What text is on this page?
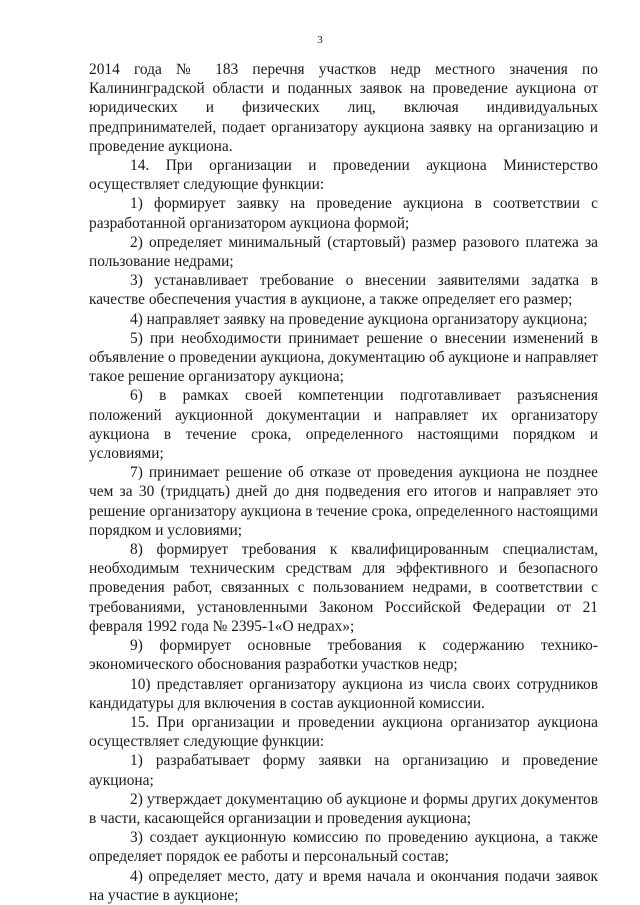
3

2014 года № 183 перечня участков недр местного значения по Калининградской области и поданных заявок на проведение аукциона от юридических и физических лиц, включая индивидуальных предпринимателей, подает организатору аукциона заявку на организацию и проведение аукциона.

14. При организации и проведении аукциона Министерство осуществляет следующие функции:

1) формирует заявку на проведение аукциона в соответствии с разработанной организатором аукциона формой;

2) определяет минимальный (стартовый) размер разового платежа за пользование недрами;

3) устанавливает требование о внесении заявителями задатка в качестве обеспечения участия в аукционе, а также определяет его размер;

4) направляет заявку на проведение аукциона организатору аукциона;

5) при необходимости принимает решение о внесении изменений в объявление о проведении аукциона, документацию об аукционе и направляет такое решение организатору аукциона;

6) в рамках своей компетенции подготавливает разъяснения положений аукционной документации и направляет их организатору аукциона в течение срока, определенного настоящими порядком и условиями;

7) принимает решение об отказе от проведения аукциона не позднее чем за 30 (тридцать) дней до дня подведения его итогов и направляет это решение организатору аукциона в течение срока, определенного настоящими порядком и условиями;

8) формирует требования к квалифицированным специалистам, необходимым техническим средствам для эффективного и безопасного проведения работ, связанных с пользованием недрами, в соответствии с требованиями, установленными Законом Российской Федерации от 21 февраля 1992 года № 2395-1«О недрах»;

9) формирует основные требования к содержанию технико-экономического обоснования разработки участков недр;

10) представляет организатору аукциона из числа своих сотрудников кандидатуры для включения в состав аукционной комиссии.

15. При организации и проведении аукциона организатор аукциона осуществляет следующие функции:

1) разрабатывает форму заявки на организацию и проведение аукциона;

2) утверждает документацию об аукционе и формы других документов в части, касающейся организации и проведения аукциона;

3) создает аукционную комиссию по проведению аукциона, а также определяет порядок ее работы и персональный состав;

4) определяет место, дату и время начала и окончания подачи заявок на участие в аукционе;
